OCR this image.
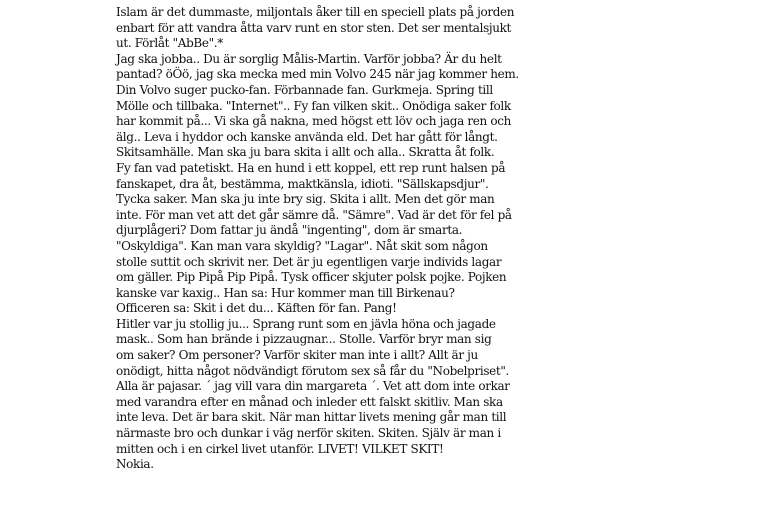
Islam är det dummaste, miljontals åker till en speciell plats på jorden
enbart för att vandra åtta varv runt en stor sten. Det ser mentalsjukt
ut. Förlåt "AbBe".*
Jag ska jobba.. Du är sorglig Målis-Martin. Varför jobba? Är du helt
pantad? öÖö, jag ska mecka med min Volvo 245 när jag kommer hem.
Din Volvo suger pucko-fan. Förbannade fan. Gurkmeja. Spring till
Mölle och tillbaka. "Internet".. Fy fan vilken skit.. Onödiga saker folk
har kommit på... Vi ska gå nakna, med högst ett löv och jaga ren och
älg.. Leva i hyddor och kanske använda eld. Det har gått för långt.
Skitsamhälle. Man ska ju bara skita i allt och alla.. Skratta åt folk.
Fy fan vad patetiskt. Ha en hund i ett koppel, ett rep runt halsen på
fanskapet, dra åt, bestämma, maktkänsla, idioti. "Sällskapsdjur".
Tycka saker. Man ska ju inte bry sig. Skita i allt. Men det gör man
inte. För man vet att det går sämre då. "Sämre". Vad är det för fel på
djurplågeri? Dom fattar ju ändå "ingenting", dom är smarta.
"Oskyldiga". Kan man vara skyldig? "Lagar". Nåt skit som någon
stolle suttit och skrivit ner. Det är ju egentligen varje individs lagar
om gäller. Pip Pipå Pip Pipå. Tysk officer skjuter polsk pojke. Pojken
kanske var kaxig.. Han sa: Hur kommer man till Birkenau?
Officeren sa: Skit i det du... Käften för fan. Pang!
Hitler var ju stollig ju... Sprang runt som en jävla höna och jagade
mask.. Som han brände i pizzaugnar... Stolle. Varför bryr man sig
om saker? Om personer? Varför skiter man inte i allt? Allt är ju
onödigt, hitta något nödvändigt förutom sex så får du "Nobelpriset".
Alla är pajasar. ´ jag vill vara din margareta ´. Vet att dom inte orkar
med varandra efter en månad och inleder ett falskt skitliv. Man ska
inte leva. Det är bara skit. När man hittar livets mening går man till
närmaste bro och dunkar i väg nerför skiten. Skiten. Själv är man i
mitten och i en cirkel livet utanför. LIVET! VILKET SKIT!
Nokia.
